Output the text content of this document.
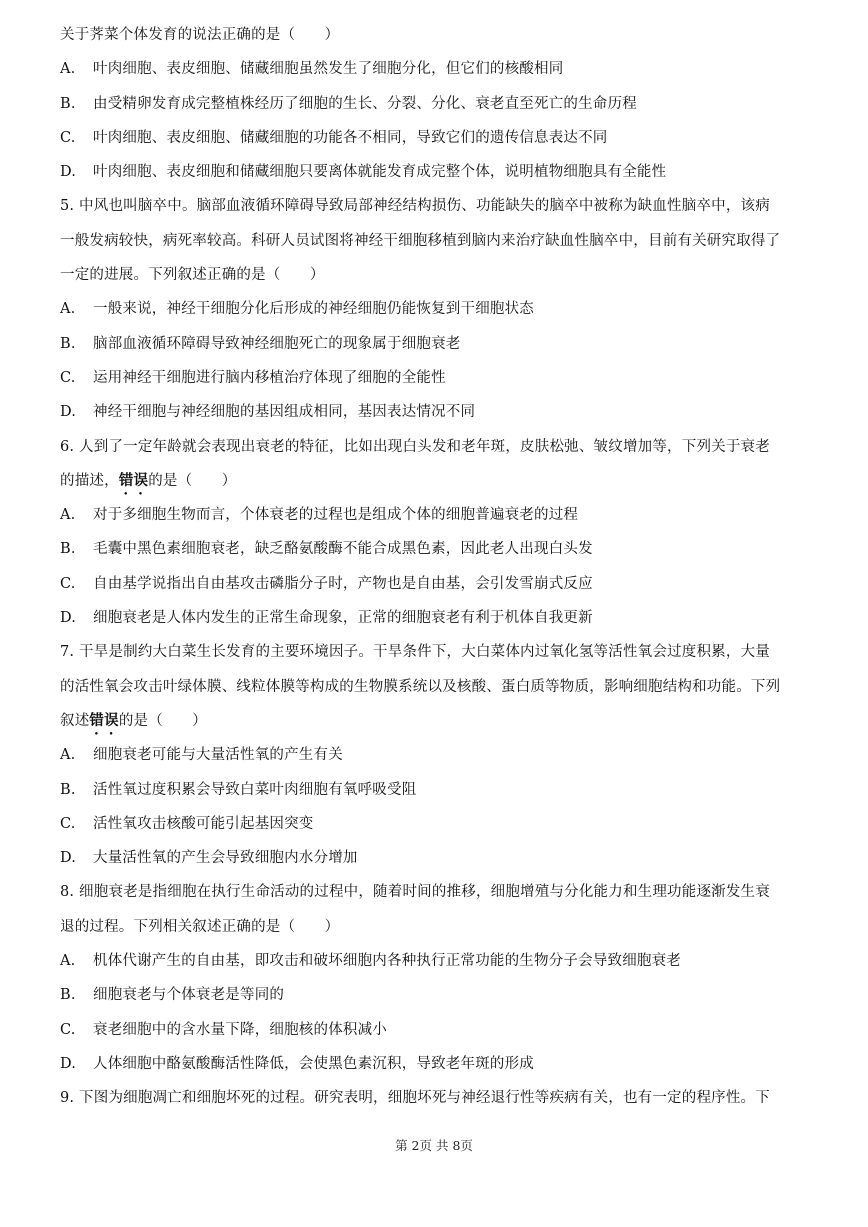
关于荠菜个体发育的说法正确的是（　　）
A.	叶肉细胞、表皮细胞、储藏细胞虽然发生了细胞分化，但它们的核酸相同
B.	由受精卵发育成完整植株经历了细胞的生长、分裂、分化、衰老直至死亡的生命历程
C.	叶肉细胞、表皮细胞、储藏细胞的功能各不相同，导致它们的遗传信息表达不同
D.	叶肉细胞、表皮细胞和储藏细胞只要离体就能发育成完整个体，说明植物细胞具有全能性
5. 中风也叫脑卒中。脑部血液循环障碍导致局部神经结构损伤、功能缺失的脑卒中被称为缺血性脑卒中，该病
一般发病较快，病死率较高。科研人员试图将神经干细胞移植到脑内来治疗缺血性脑卒中，目前有关研究取得了
一定的进展。下列叙述正确的是（　　）
A.	一般来说，神经干细胞分化后形成的神经细胞仍能恢复到干细胞状态
B.	脑部血液循环障碍导致神经细胞死亡的现象属于细胞衰老
C.	运用神经干细胞进行脑内移植治疗体现了细胞的全能性
D.	神经干细胞与神经细胞的基因组成相同，基因表达情况不同
6. 人到了一定年龄就会表现出衰老的特征，比如出现白头发和老年斑，皮肤松弛、皱纹增加等，下列关于衰老
的描述，错误的是（　　）
A.	对于多细胞生物而言，个体衰老的过程也是组成个体的细胞普遍衰老的过程
B.	毛囊中黑色素细胞衰老，缺乏酪氨酸酶不能合成黑色素，因此老人出现白头发
C.	自由基学说指出自由基攻击磷脂分子时，产物也是自由基，会引发雪崩式反应
D.	细胞衰老是人体内发生的正常生命现象，正常的细胞衰老有利于机体自我更新
7. 干旱是制约大白菜生长发育的主要环境因子。干旱条件下，大白菜体内过氧化氢等活性氧会过度积累，大量
的活性氧会攻击叶绿体膜、线粒体膜等构成的生物膜系统以及核酸、蛋白质等物质，影响细胞结构和功能。下列
叙述错误的是（　　）
A.	细胞衰老可能与大量活性氧的产生有关
B.	活性氧过度积累会导致白菜叶肉细胞有氧呼吸受阻
C.	活性氧攻击核酸可能引起基因突变
D.	大量活性氧的产生会导致细胞内水分增加
8. 细胞衰老是指细胞在执行生命活动的过程中，随着时间的推移，细胞增殖与分化能力和生理功能逐渐发生衰
退的过程。下列相关叙述正确的是（　　）
A.	机体代谢产生的自由基，即攻击和破坏细胞内各种执行正常功能的生物分子会导致细胞衰老
B.	细胞衰老与个体衰老是等同的
C.	衰老细胞中的含水量下降，细胞核的体积减小
D.	人体细胞中酪氨酸酶活性降低，会使黑色素沉积，导致老年斑的形成
9. 下图为细胞凋亡和细胞坏死的过程。研究表明，细胞坏死与神经退行性等疾病有关，也有一定的程序性。下
第 2页 共 8页
